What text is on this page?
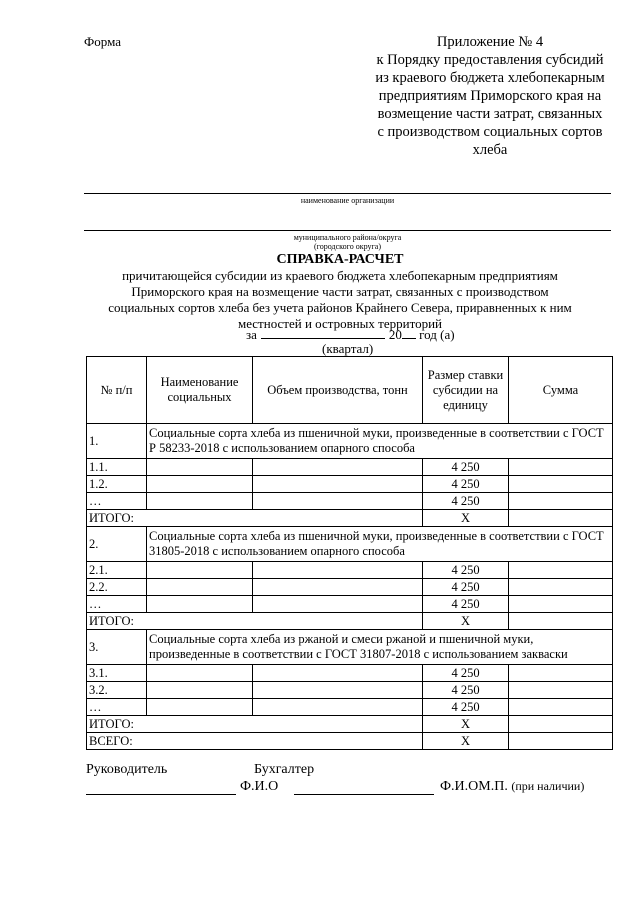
Форма	Приложение № 4
к Порядку предоставления субсидий
из краевого бюджета хлебопекарным
предприятиям Приморского края на
возмещение части затрат, связанных
с производством социальных сортов
хлеба
наименование организации
муниципального района/округа
(городского округа)
СПРАВКА-РАСЧЕТ
причитающейся субсидии из краевого бюджета хлебопекарным предприятиям
Приморского края на возмещение части затрат, связанных с производством
социальных сортов хлеба без учета районов Крайнего Севера, приравненных к ним
местностей и островных территорий
за	20 год (а)
(квартал)
№ п/п	Наименование социальных	Объем производства, тонн	Размер ставки субсидии на единицу	Сумма
1.	Социальные сорта хлеба из пшеничной муки, произведенные в соответствии с ГОСТ Р 58233-2018 с использованием опарного способа			
1.1.			4 250	
1.2.			4 250	
…			4 250	
ИТОГО:			X	
2.	Социальные сорта хлеба из пшеничной муки, произведенные в соответствии с ГОСТ 31805-2018 с использованием опарного способа			
2.1.			4 250	
2.2.			4 250	
…			4 250	
ИТОГО:			X	
3.	Социальные сорта хлеба из ржаной и смеси ржаной и пшеничной муки, произведенные в соответствии с ГОСТ 31807-2018 с использованием закваски			
3.1.			4 250	
3.2.			4 250	
…			4 250	
ИТОГО:			X	
ВСЕГО:			X	
Руководитель	Бухгалтер
Ф.И.О	Ф.И.ОМ.П. (при наличии)
